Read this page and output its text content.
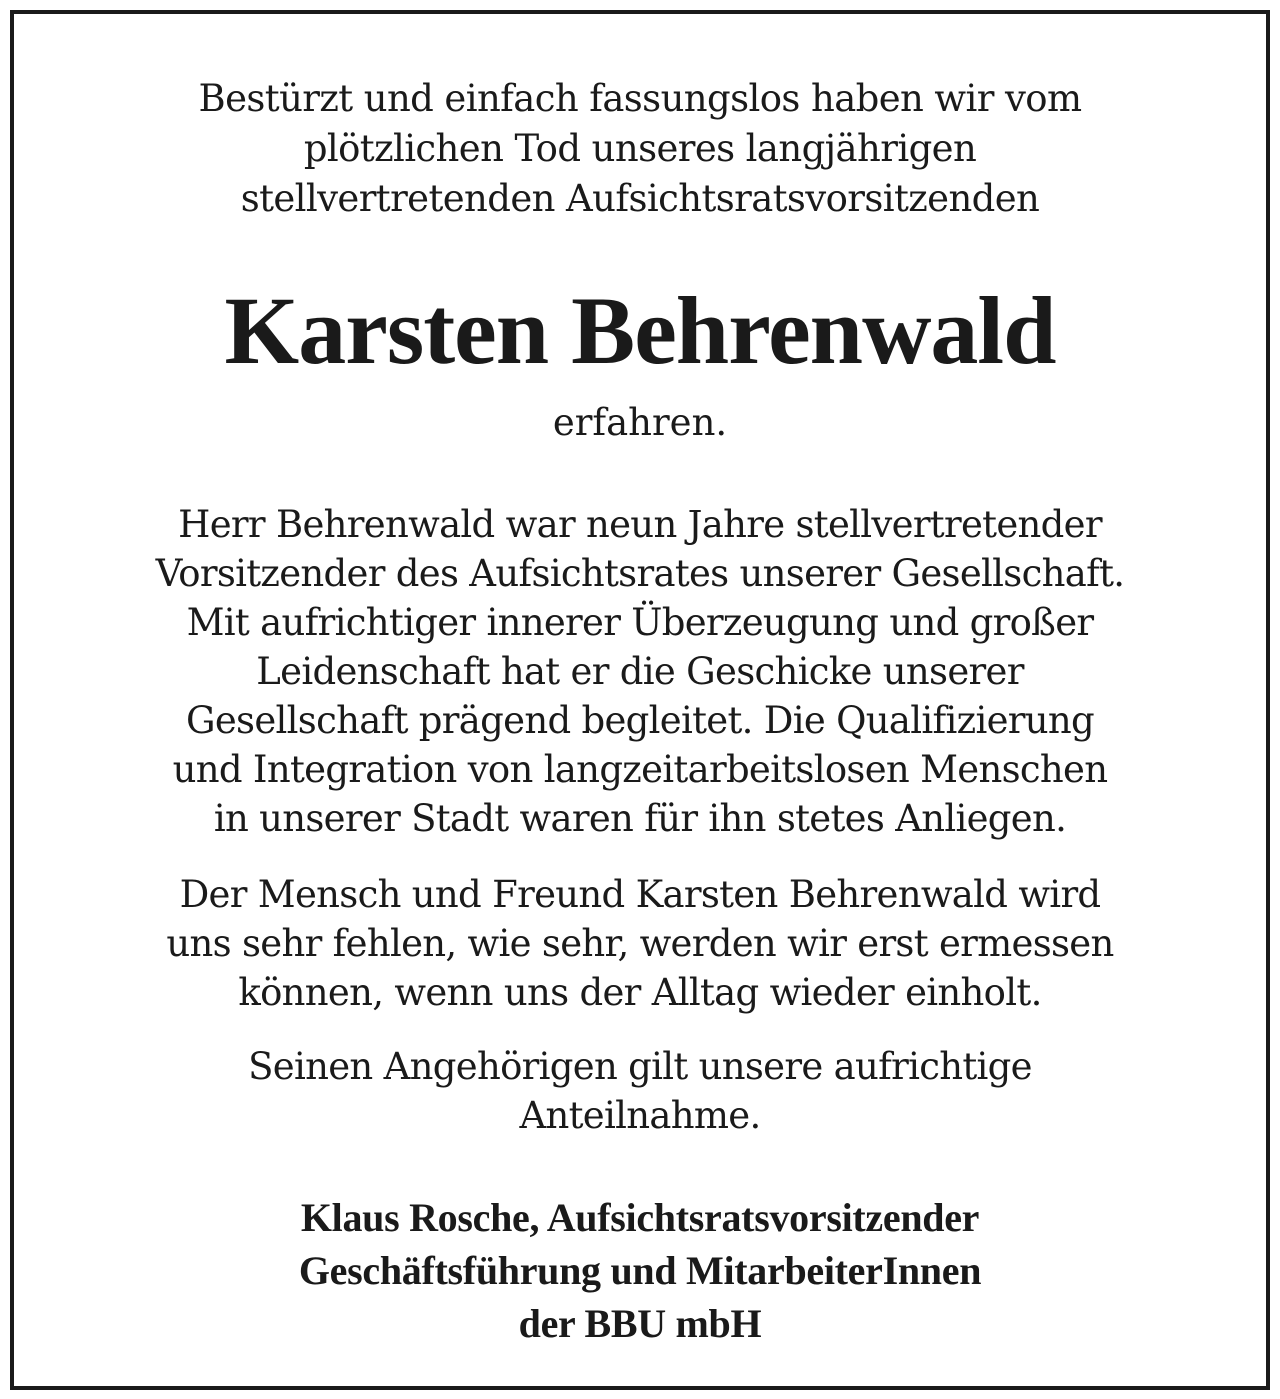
Bestürzt und einfach fassungslos haben wir vom
plötzlichen Tod unseres langjährigen
stellvertretenden Aufsichtsratsvorsitzenden
Karsten Behrenwald
erfahren.
Herr Behrenwald war neun Jahre stellvertretender
Vorsitzender des Aufsichtsrates unserer Gesellschaft.
Mit aufrichtiger innerer Überzeugung und großer
Leidenschaft hat er die Geschicke unserer
Gesellschaft prägend begleitet. Die Qualifizierung
und Integration von langzeitarbeitslosen Menschen
in unserer Stadt waren für ihn stetes Anliegen.
Der Mensch und Freund Karsten Behrenwald wird
uns sehr fehlen, wie sehr, werden wir erst ermessen
können, wenn uns der Alltag wieder einholt.
Seinen Angehörigen gilt unsere aufrichtige
Anteilnahme.
Klaus Rosche, Aufsichtsratsvorsitzender
Geschäftsführung und MitarbeiterInnen
der BBU mbH
